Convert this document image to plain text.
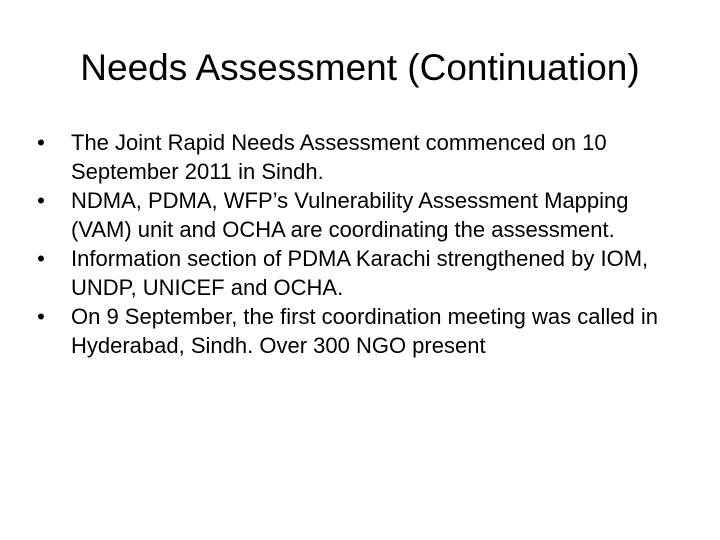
Needs Assessment (Continuation)
• The Joint Rapid Needs Assessment commenced on 10 September 2011 in Sindh.
• NDMA, PDMA, WFP’s Vulnerability Assessment Mapping (VAM) unit and OCHA are coordinating the assessment.
• Information section of PDMA Karachi strengthened by IOM, UNDP, UNICEF and OCHA.
• On 9 September, the first coordination meeting was called in Hyderabad, Sindh. Over 300 NGO present
